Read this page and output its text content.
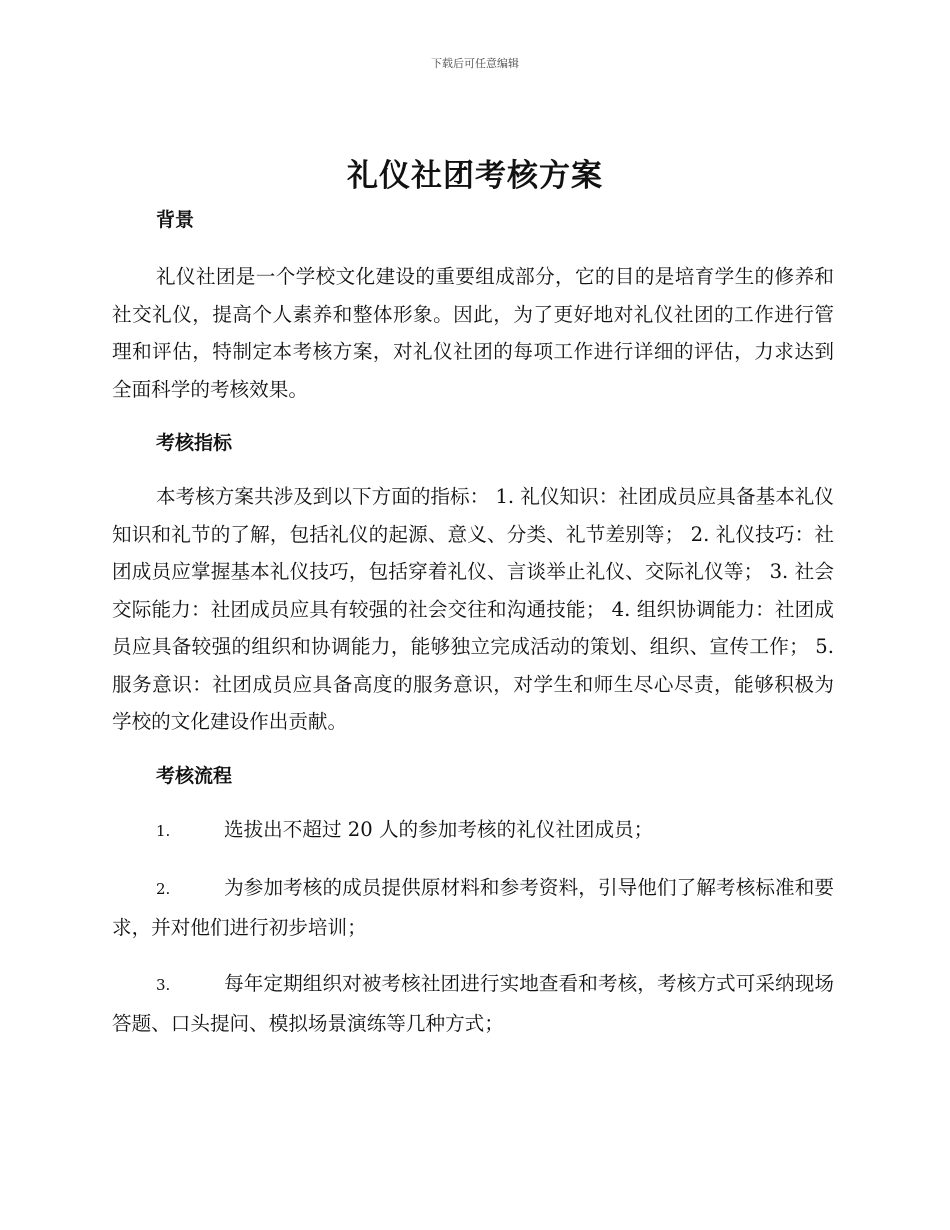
下载后可任意编辑
礼仪社团考核方案
背景

礼仪社团是一个学校文化建设的重要组成部分，它的目的是培育学生的修养和社交礼仪，提高个人素养和整体形象。因此，为了更好地对礼仪社团的工作进行管理和评估，特制定本考核方案，对礼仪社团的每项工作进行详细的评估，力求达到全面科学的考核效果。

考核指标

本考核方案共涉及到以下方面的指标： 1. 礼仪知识：社团成员应具备基本礼仪知识和礼节的了解，包括礼仪的起源、意义、分类、礼节差别等； 2. 礼仪技巧：社团成员应掌握基本礼仪技巧，包括穿着礼仪、言谈举止礼仪、交际礼仪等； 3. 社会交际能力：社团成员应具有较强的社会交往和沟通技能； 4. 组织协调能力：社团成员应具备较强的组织和协调能力，能够独立完成活动的策划、组织、宣传工作； 5. 服务意识：社团成员应具备高度的服务意识，对学生和师生尽心尽责，能够积极为学校的文化建设作出贡献。

考核流程

1.	选拔出不超过 20 人的参加考核的礼仪社团成员；

2.	为参加考核的成员提供原材料和参考资料，引导他们了解考核标准和要求，并对他们进行初步培训；

3.	每年定期组织对被考核社团进行实地查看和考核，考核方式可采纳现场答题、口头提问、模拟场景演练等几种方式；
